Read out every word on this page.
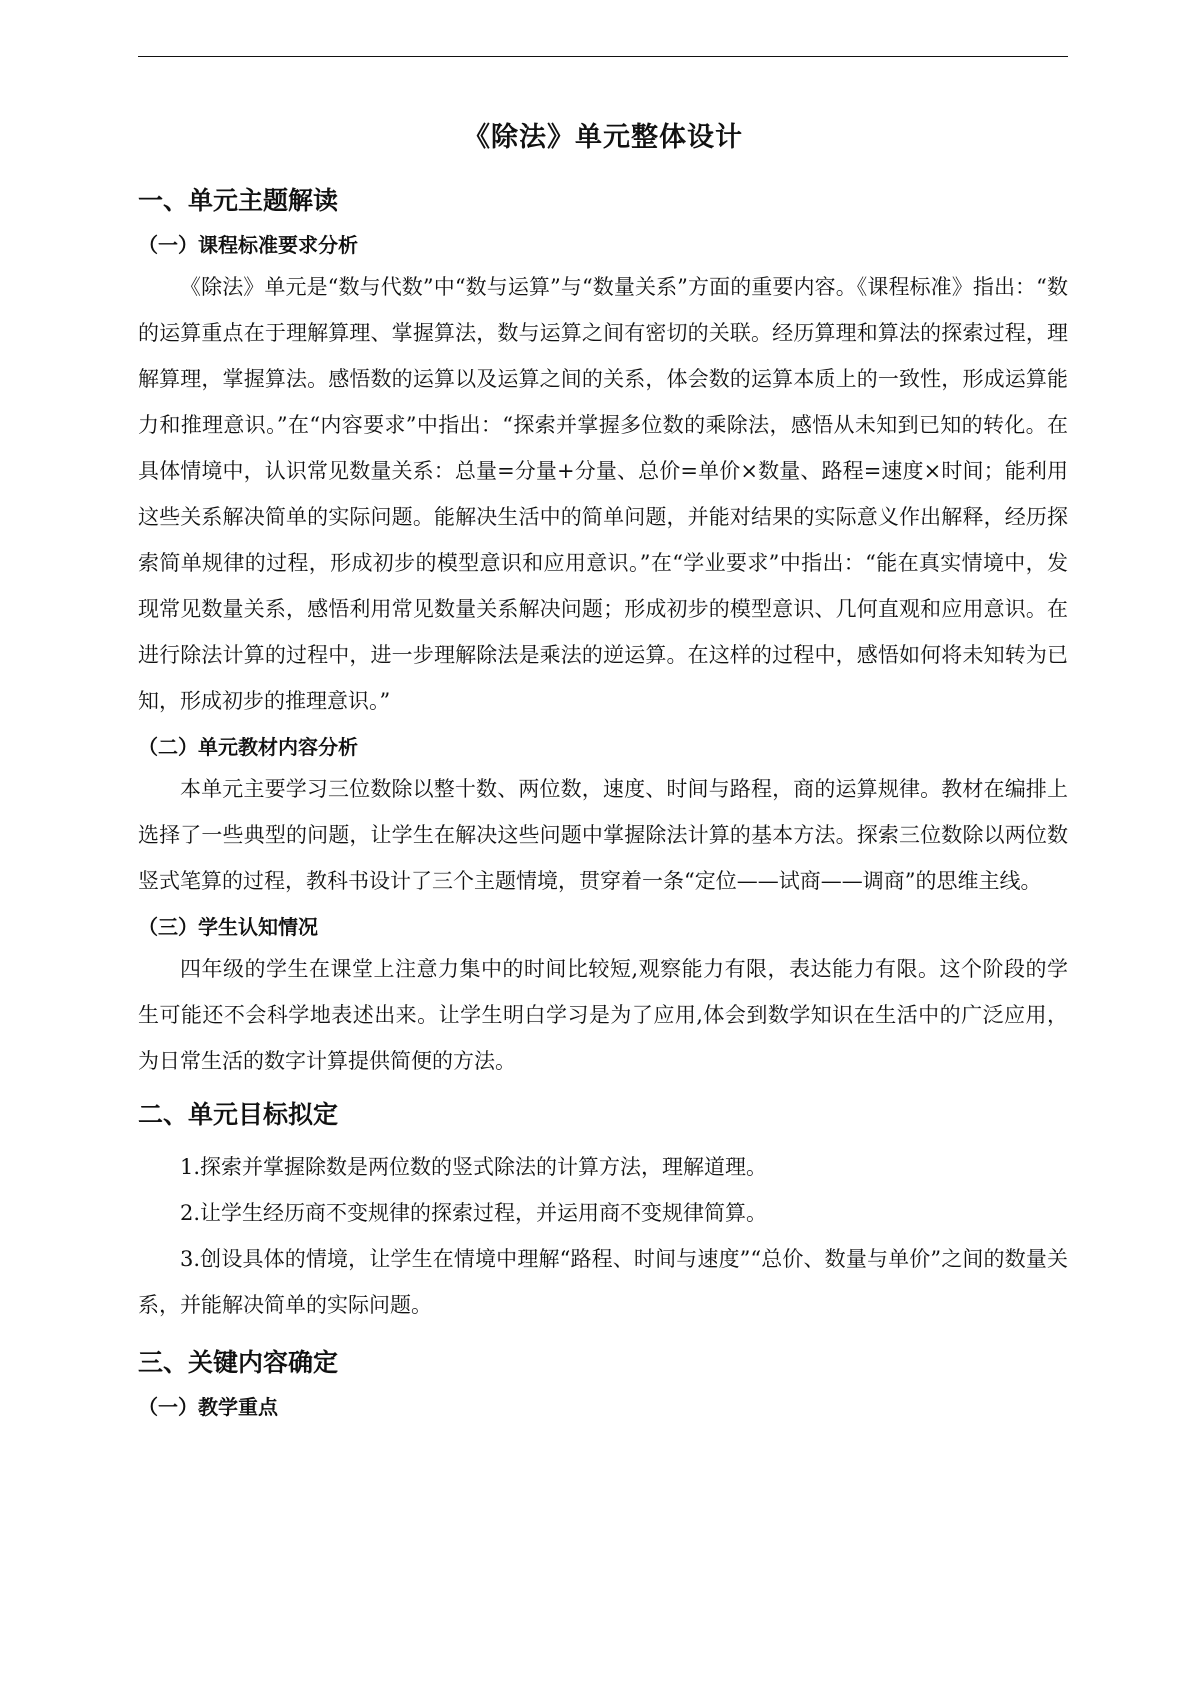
《除法》单元整体设计
一、单元主题解读
（一）课程标准要求分析

《除法》单元是“数与代数”中“数与运算”与“数量关系”方面的重要内容。《课程标准》指出：“数的运算重点在于理解算理、掌握算法，数与运算之间有密切的关联。经历算理和算法的探索过程，理解算理，掌握算法。感悟数的运算以及运算之间的关系，体会数的运算本质上的一致性，形成运算能力和推理意识。”在“内容要求”中指出：“探索并掌握多位数的乘除法，感悟从未知到已知的转化。在具体情境中，认识常见数量关系：总量=分量+分量、总价=单价×数量、路程=速度×时间；能利用这些关系解决简单的实际问题。能解决生活中的简单问题，并能对结果的实际意义作出解释，经历探索简单规律的过程，形成初步的模型意识和应用意识。”在“学业要求”中指出：“能在真实情境中，发现常见数量关系，感悟利用常见数量关系解决问题；形成初步的模型意识、几何直观和应用意识。在进行除法计算的过程中，进一步理解除法是乘法的逆运算。在这样的过程中，感悟如何将未知转为已知，形成初步的推理意识。”

（二）单元教材内容分析

本单元主要学习三位数除以整十数、两位数，速度、时间与路程，商的运算规律。教材在编排上选择了一些典型的问题，让学生在解决这些问题中掌握除法计算的基本方法。探索三位数除以两位数竖式笔算的过程，教科书设计了三个主题情境，贯穿着一条“定位——试商——调商”的思维主线。

（三）学生认知情况

四年级的学生在课堂上注意力集中的时间比较短,观察能力有限，表达能力有限。这个阶段的学生可能还不会科学地表述出来。让学生明白学习是为了应用,体会到数学知识在生活中的广泛应用，为日常生活的数字计算提供简便的方法。

二、单元目标拟定

1.探索并掌握除数是两位数的竖式除法的计算方法，理解道理。

2.让学生经历商不变规律的探索过程，并运用商不变规律简算。

3.创设具体的情境，让学生在情境中理解“路程、时间与速度”“总价、数量与单价”之间的数量关系，并能解决简单的实际问题。

三、关键内容确定
（一）教学重点
